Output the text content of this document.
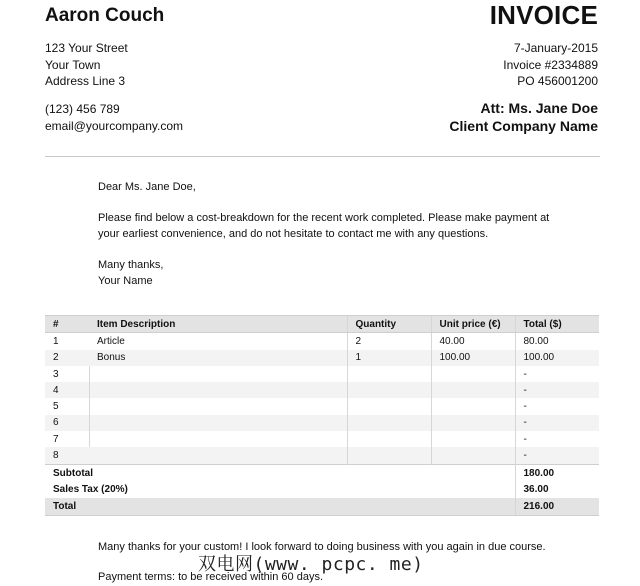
Aaron Couch	INVOICE
123 Your Street
Your Town
Address Line 3
7-January-2015
Invoice #2334889
PO 456001200
(123) 456 789
email@yourcompany.com
Att: Ms. Jane Doe
Client Company Name

Dear Ms. Jane Doe,

Please find below a cost-breakdown for the recent work completed. Please make payment at your earliest convenience, and do not hesitate to contact me with any questions.

Many thanks,
Your Name

#	Item Description	Quantity	Unit price (€)	Total ($)
1	Article	2	40.00	80.00
2	Bonus	1	100.00	100.00
3				-
4				-
5				-
6				-
7				-
8				-
Subtotal				180.00
Sales Tax (20%)				36.00
Total				216.00
Many thanks for your custom! I look forward to doing business with you again in due course.
双电网(www. pcpc. me)
Payment terms: to be received within 60 days.
